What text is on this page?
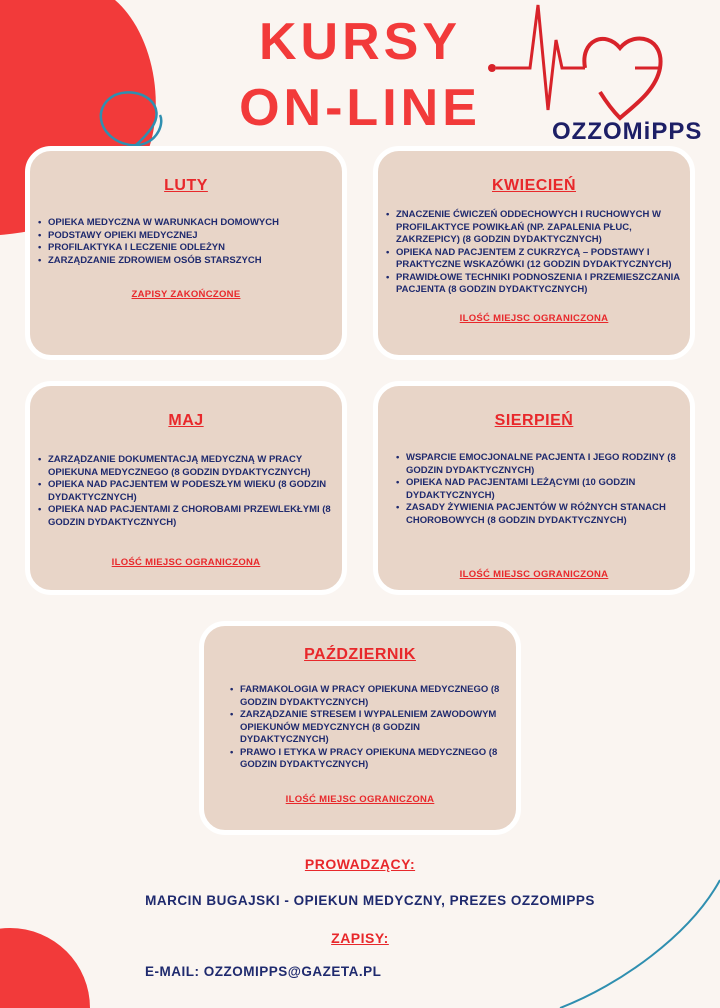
KURSY
ON-LINE	OZZOMiPPS

LUTY
• OPIEKA MEDYCZNA W WARUNKACH DOMOWYCH
• PODSTAWY OPIEKI MEDYCZNEJ
• PROFILAKTYKA I LECZENIE ODLEŻYN
• ZARZĄDZANIE ZDROWIEM OSÓB STARSZYCH
ZAPISY ZAKOŃCZONE
KWIECIEŃ
• ZNACZENIE ĆWICZEŃ ODDECHOWYCH I RUCHOWYCH W PROFILAKTYCE POWIKŁAŃ (NP. ZAPALENIA PŁUC, ZAKRZEPICY) (8 GODZIN DYDAKTYCZNYCH)
• OPIEKA NAD PACJENTEM Z CUKRZYCĄ – PODSTAWY I PRAKTYCZNE WSKAZÓWKI (12 GODZIN DYDAKTYCZNYCH)
• PRAWIDŁOWE TECHNIKI PODNOSZENIA I PRZEMIESZCZANIA PACJENTA (8 GODZIN DYDAKTYCZNYCH)
ILOŚĆ MIEJSC OGRANICZONA
MAJ
• ZARZĄDZANIE DOKUMENTACJĄ MEDYCZNĄ W PRACY OPIEKUNA MEDYCZNEGO (8 GODZIN DYDAKTYCZNYCH)
• OPIEKA NAD PACJENTEM W PODESZŁYM WIEKU (8 GODZIN DYDAKTYCZNYCH)
• OPIEKA NAD PACJENTAMI Z CHOROBAMI PRZEWLEKŁYMI (8 GODZIN DYDAKTYCZNYCH)
ILOŚĆ MIEJSC OGRANICZONA
SIERPIEŃ
• WSPARCIE EMOCJONALNE PACJENTA I JEGO RODZINY (8 GODZIN DYDAKTYCZNYCH)
• OPIEKA NAD PACJENTAMI LEŻĄCYMI (10 GODZIN DYDAKTYCZNYCH)
• ZASADY ŻYWIENIA PACJENTÓW W RÓŻNYCH STANACH CHOROBOWYCH (8 GODZIN DYDAKTYCZNYCH)
ILOŚĆ MIEJSC OGRANICZONA
PAŹDZIERNIK
• FARMAKOLOGIA W PRACY OPIEKUNA MEDYCZNEGO (8 GODZIN DYDAKTYCZNYCH)
• ZARZĄDZANIE STRESEM I WYPALENIEM ZAWODOWYM OPIEKUNÓW MEDYCZNYCH (8 GODZIN DYDAKTYCZNYCH)
• PRAWO I ETYKA W PRACY OPIEKUNA MEDYCZNEGO (8 GODZIN DYDAKTYCZNYCH)
ILOŚĆ MIEJSC OGRANICZONA

PROWADZĄCY:

MARCIN BUGAJSKI - OPIEKUN MEDYCZNY, PREZES OZZOMIPPS

ZAPISY:

E-MAIL: OZZOMIPPS@GAZETA.PL
